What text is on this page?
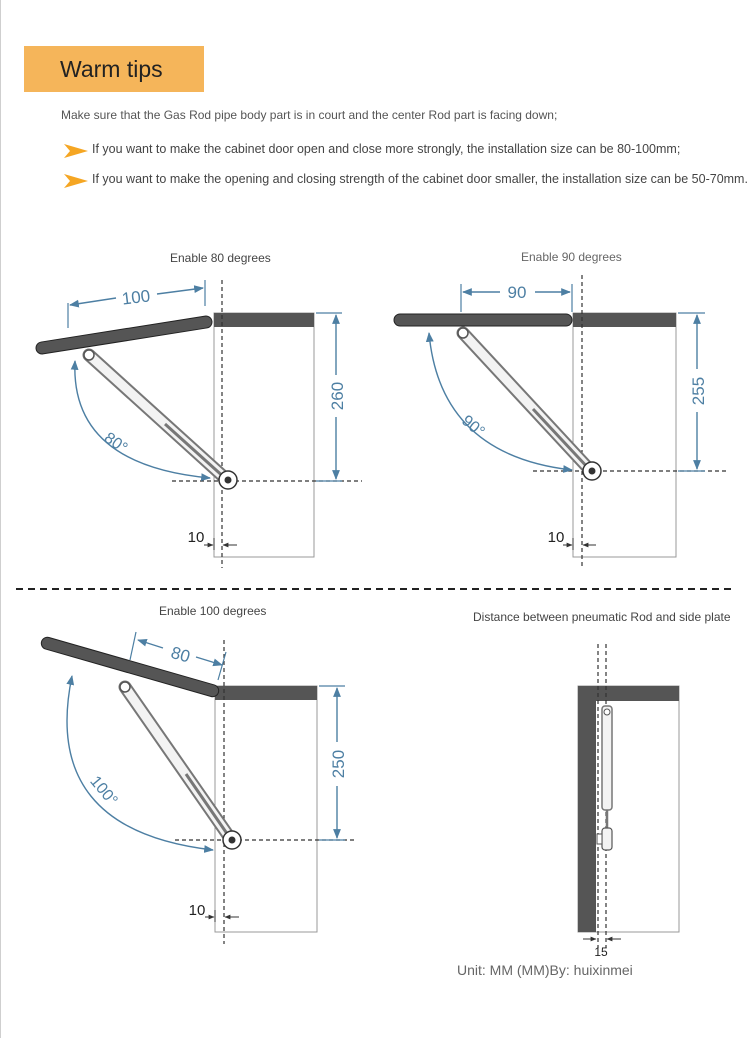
Warm tips
Make sure that the Gas Rod pipe body part is in court and the center Rod part is facing down;
If you want to make the cabinet door open and close more strongly, the installation size can be 80-100mm;
If you want to make the opening and closing strength of the cabinet door smaller, the installation size can be 50-70mm.
Enable 80 degrees	Enable 90 degrees
Enable 100 degrees	Distance between pneumatic Rod and side plate
100
260
80°
10
90
255
90°
10
80
250
100°
10
15
Unit: MM (MM)By: huixinmei
